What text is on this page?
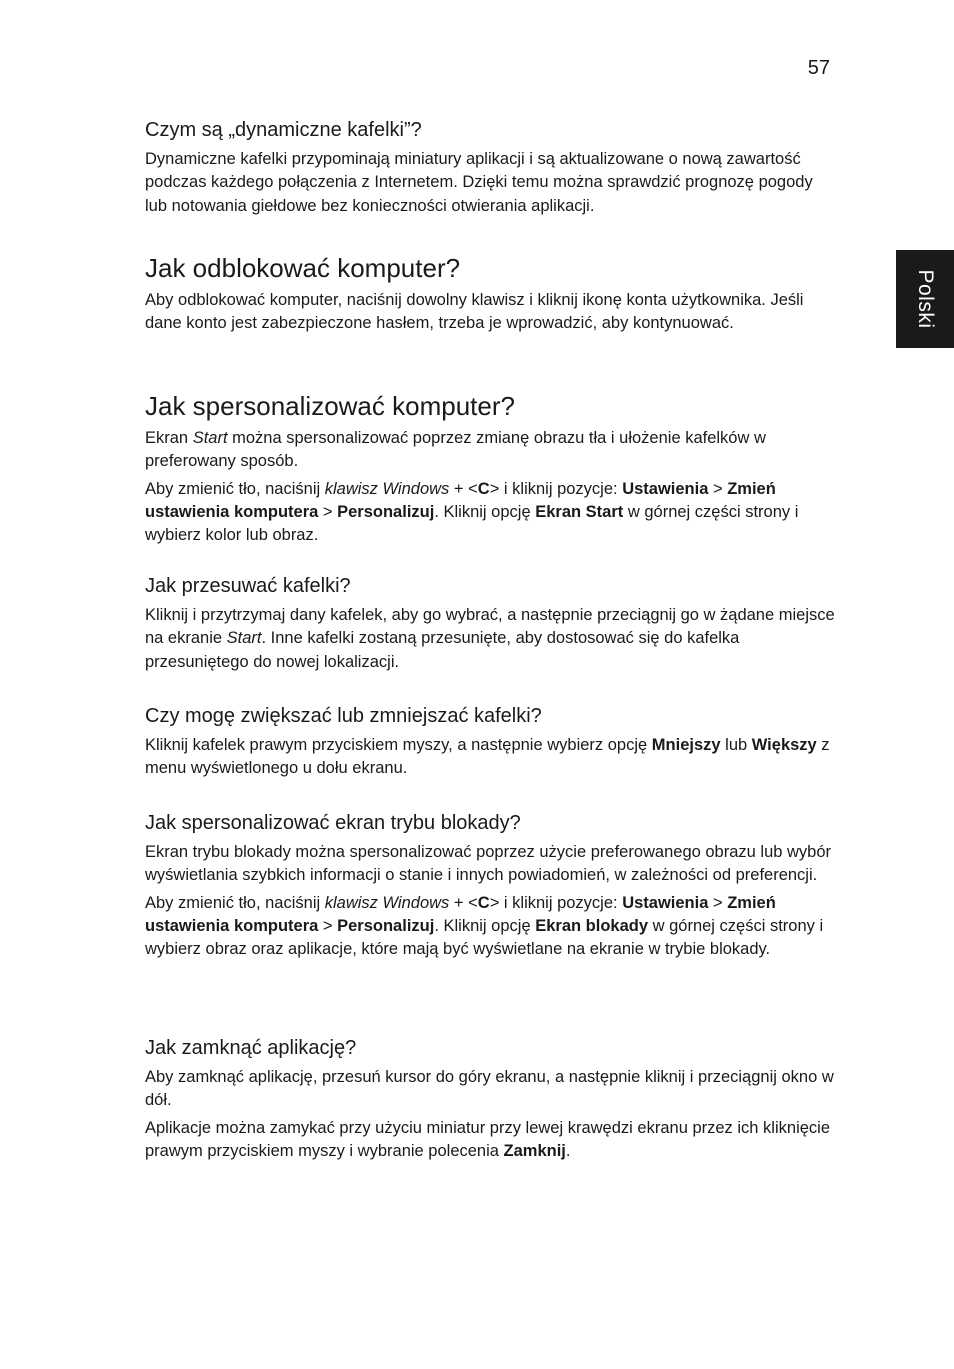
57
Polski
Czym są „dynamiczne kafelki”?

Dynamiczne kafelki przypominają miniatury aplikacji i są aktualizowane o nową zawartość podczas każdego połączenia z Internetem. Dzięki temu można sprawdzić prognozę pogody lub notowania giełdowe bez konieczności otwierania aplikacji.

Jak odblokować komputer?

Aby odblokować komputer, naciśnij dowolny klawisz i kliknij ikonę konta użytkownika. Jeśli dane konto jest zabezpieczone hasłem, trzeba je wprowadzić, aby kontynuować.

Jak spersonalizować komputer?

Ekran Start można spersonalizować poprzez zmianę obrazu tła i ułożenie kafelków w preferowany sposób.

Aby zmienić tło, naciśnij klawisz Windows + <C> i kliknij pozycje: Ustawienia > Zmień ustawienia komputera > Personalizuj. Kliknij opcję Ekran Start w górnej części strony i wybierz kolor lub obraz.

Jak przesuwać kafelki?

Kliknij i przytrzymaj dany kafelek, aby go wybrać, a następnie przeciągnij go w żądane miejsce na ekranie Start. Inne kafelki zostaną przesunięte, aby dostosować się do kafelka przesuniętego do nowej lokalizacji.

Czy mogę zwiększać lub zmniejszać kafelki?

Kliknij kafelek prawym przyciskiem myszy, a następnie wybierz opcję Mniejszy lub Większy z menu wyświetlonego u dołu ekranu.

Jak spersonalizować ekran trybu blokady?

Ekran trybu blokady można spersonalizować poprzez użycie preferowanego obrazu lub wybór wyświetlania szybkich informacji o stanie i innych powiadomień, w zależności od preferencji.

Aby zmienić tło, naciśnij klawisz Windows + <C> i kliknij pozycje: Ustawienia > Zmień ustawienia komputera > Personalizuj. Kliknij opcję Ekran blokady w górnej części strony i wybierz obraz oraz aplikacje, które mają być wyświetlane na ekranie w trybie blokady.

Jak zamknąć aplikację?

Aby zamknąć aplikację, przesuń kursor do góry ekranu, a następnie kliknij i przeciągnij okno w dół.

Aplikacje można zamykać przy użyciu miniatur przy lewej krawędzi ekranu przez ich kliknięcie prawym przyciskiem myszy i wybranie polecenia Zamknij.
